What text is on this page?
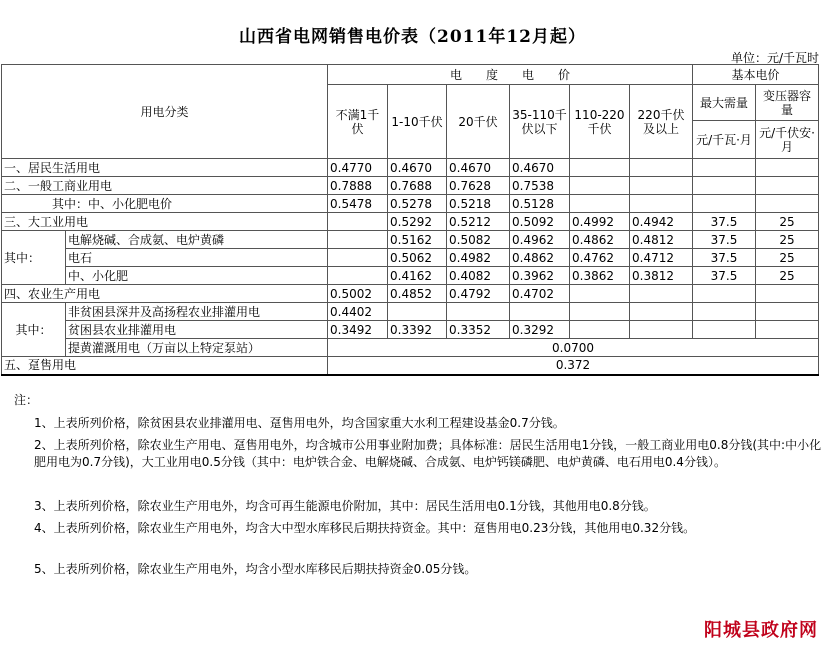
山西省电网销售电价表（2011年12月起）
单位：元/千瓦时
用电分类		电　　度　　电　　价						基本电价	
		不满1千伏	1-10千伏	20千伏	35-110千伏以下	110-220千伏	220千伏及以上	最大需量	变压器容量
								元/千瓦·月	元/千伏安·月
一、居民生活用电		0.4770	0.4670	0.4670	0.4670				
二、一般工商业用电		0.7888	0.7688	0.7628	0.7538				
其中：中、小化肥电价		0.5478	0.5278	0.5218	0.5128				
三、大工业用电			0.5292	0.5212	0.5092	0.4992	0.4942	37.5	25
其中：	电解烧碱、合成氨、电炉黄磷		0.5162	0.5082	0.4962	0.4862	0.4812	37.5	25
	电石		0.5062	0.4982	0.4862	0.4762	0.4712	37.5	25
	中、小化肥		0.4162	0.4082	0.3962	0.3862	0.3812	37.5	25
四、农业生产用电		0.5002	0.4852	0.4792	0.4702				
其中：	非贫困县深井及高扬程农业排灌用电	0.4402							
	贫困县农业排灌用电	0.3492	0.3392	0.3352	0.3292				
	提黄灌溉用电（万亩以上特定泵站）	0.0700							
五、趸售用电		0.372							
注：
1、上表所列价格，除贫困县农业排灌用电、趸售用电外，均含国家重大水利工程建设基金0.7分钱。
2、上表所列价格，除农业生产用电、趸售用电外，均含城市公用事业附加费；具体标准：居民生活用电1分钱，一般工商业用电0.8分钱(其中:中小化肥用电为0.7分钱)，大工业用电0.5分钱（其中：电炉铁合金、电解烧碱、合成氨、电炉钙镁磷肥、电炉黄磷、电石用电0.4分钱）。
3、上表所列价格，除农业生产用电外，均含可再生能源电价附加，其中：居民生活用电0.1分钱，其他用电0.8分钱。
4、上表所列价格，除农业生产用电外，均含大中型水库移民后期扶持资金。其中：趸售用电0.23分钱，其他用电0.32分钱。
5、上表所列价格，除农业生产用电外，均含小型水库移民后期扶持资金0.05分钱。
阳城县政府网
